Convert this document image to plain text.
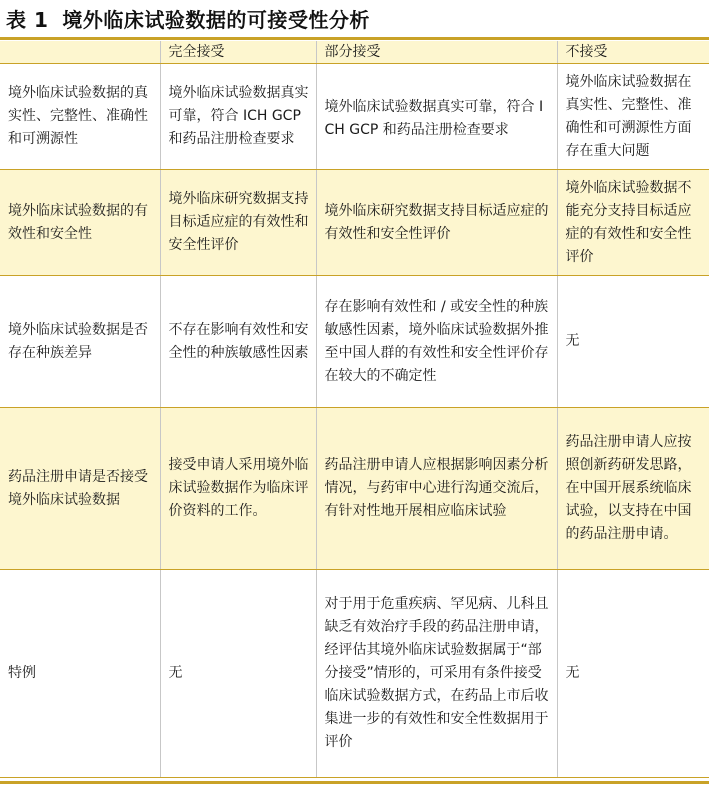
表 1 境外临床试验数据的可接受性分析
	完全接受	部分接受	不接受
境外临床试验数据的真实性、完整性、准确性和可溯源性	境外临床试验数据真实可靠，符合 ICH GCP 和药品注册检查要求	境外临床试验数据真实可靠，符合 ICH GCP 和药品注册检查要求	境外临床试验数据在真实性、完整性、准确性和可溯源性方面存在重大问题
境外临床试验数据的有效性和安全性	境外临床研究数据支持目标适应症的有效性和安全性评价	境外临床研究数据支持目标适应症的有效性和安全性评价	境外临床试验数据不能充分支持目标适应症的有效性和安全性评价
境外临床试验数据是否存在种族差异	不存在影响有效性和安全性的种族敏感性因素	存在影响有效性和 / 或安全性的种族敏感性因素，境外临床试验数据外推至中国人群的有效性和安全性评价存在较大的不确定性	无
药品注册申请是否接受境外临床试验数据	接受申请人采用境外临床试验数据作为临床评价资料的工作。	药品注册申请人应根据影响因素分析情况，与药审中心进行沟通交流后，有针对性地开展相应临床试验	药品注册申请人应按照创新药研发思路，在中国开展系统临床试验，以支持在中国的药品注册申请。
特例	无	对于用于危重疾病、罕见病、儿科且缺乏有效治疗手段的药品注册申请，经评估其境外临床试验数据属于“部分接受”情形的，可采用有条件接受临床试验数据方式，在药品上市后收集进一步的有效性和安全性数据用于评价	无
